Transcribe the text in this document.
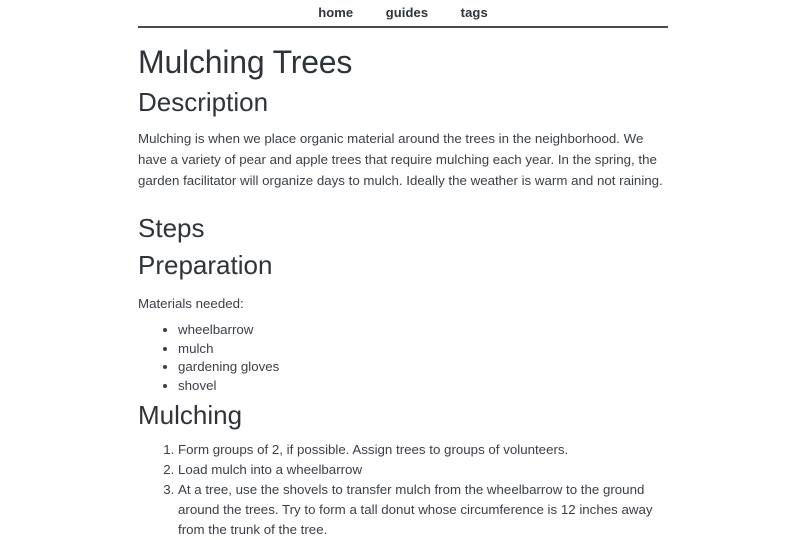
home guides tags
Mulching Trees
Description

Mulching is when we place organic material around the trees in the neighborhood. We have a variety of pear and apple trees that require mulching each year. In the spring, the garden facilitator will organize days to mulch. Ideally the weather is warm and not raining.

Steps
Preparation

Materials needed:

• wheelbarrow
• mulch
• gardening gloves
• shovel
Mulching
1. Form groups of 2, if possible. Assign trees to groups of volunteers.
2. Load mulch into a wheelbarrow
3. At a tree, use the shovels to transfer mulch from the wheelbarrow to the ground around the trees. Try to form a tall donut whose circumference is 12 inches away from the trunk of the tree.
